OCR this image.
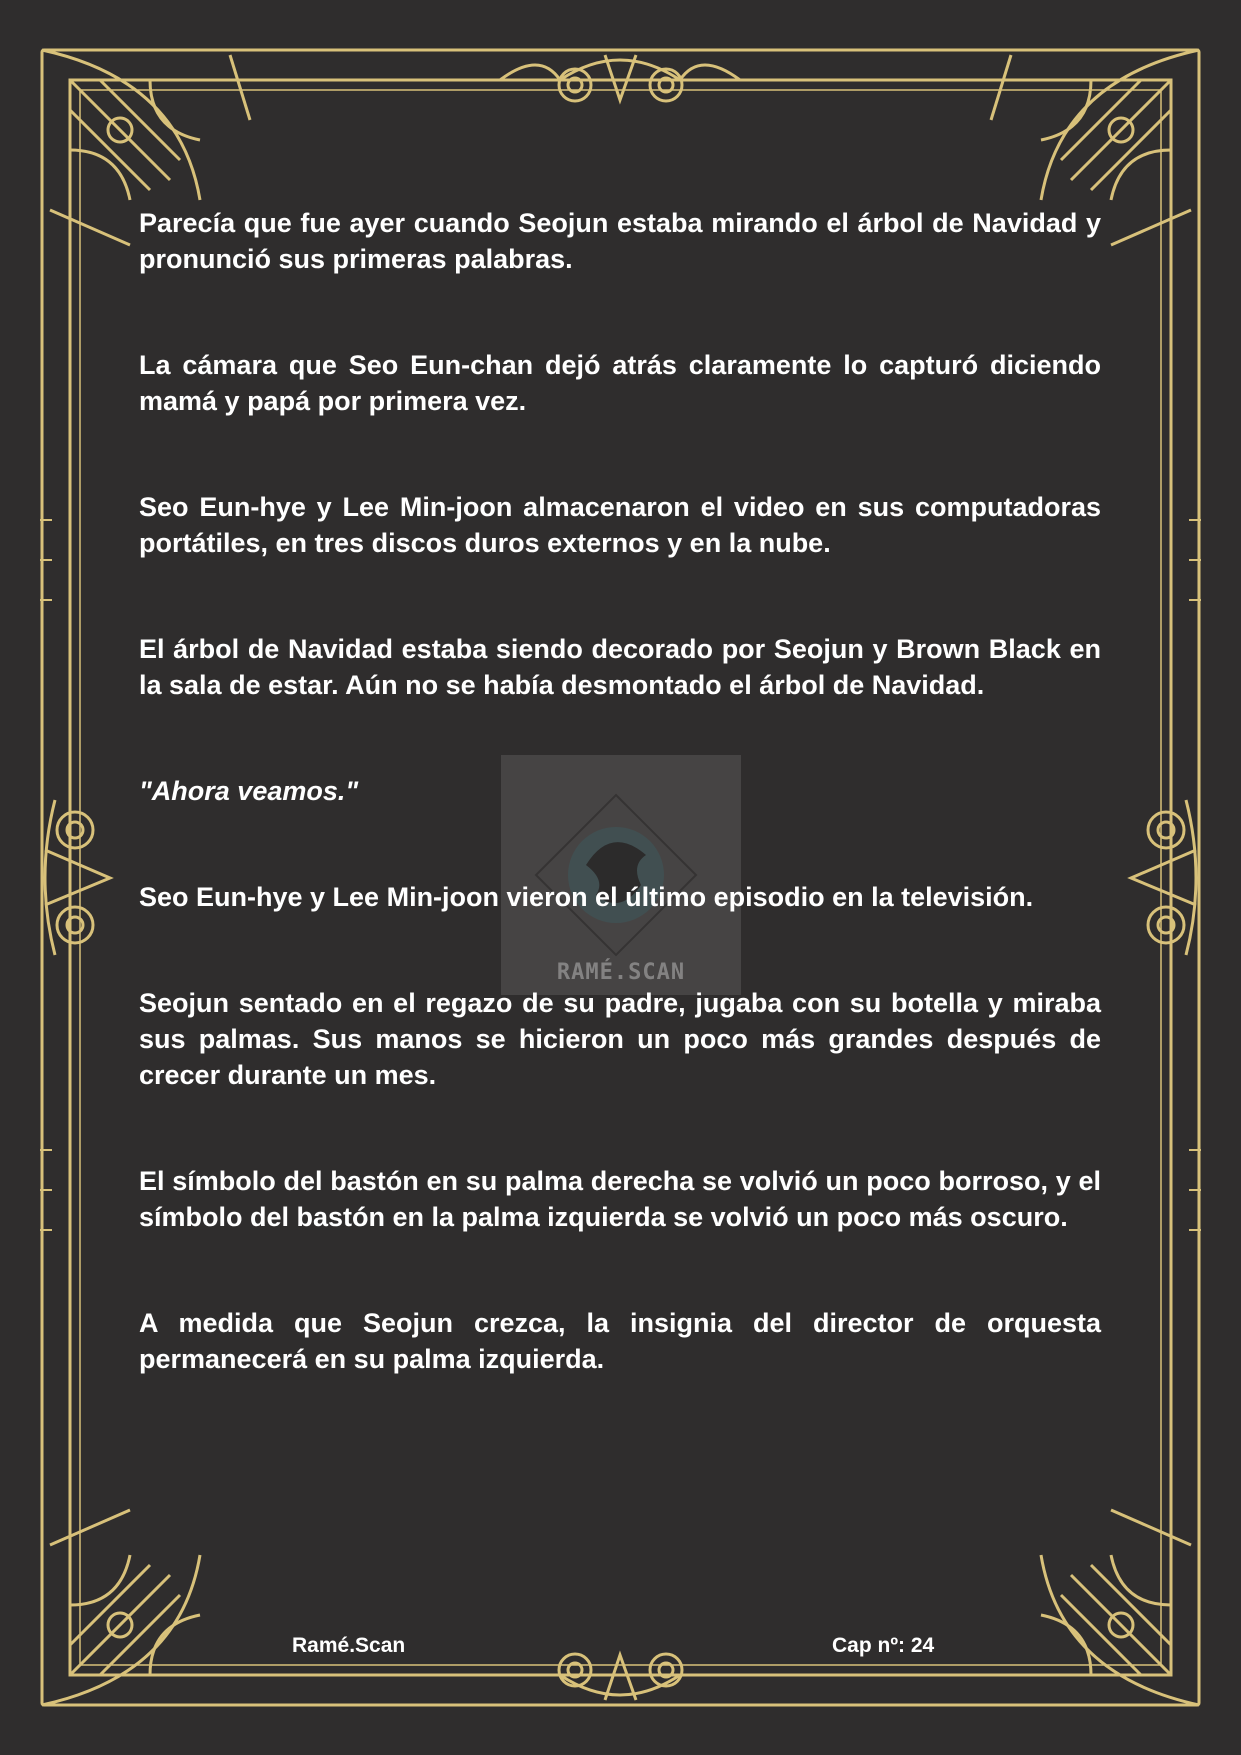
RAMÉ.SCAN

Parecía que fue ayer cuando Seojun estaba mirando el árbol de Navidad y pronunció sus primeras palabras.

La cámara que Seo Eun-chan dejó atrás claramente lo capturó diciendo mamá y papá por primera vez.

Seo Eun-hye y Lee Min-joon almacenaron el video en sus computadoras portátiles, en tres discos duros externos y en la nube.

El árbol de Navidad estaba siendo decorado por Seojun y Brown Black en la sala de estar. Aún no se había desmontado el árbol de Navidad.

"Ahora veamos."

Seo Eun-hye y Lee Min-joon vieron el último episodio en la televisión.

Seojun sentado en el regazo de su padre, jugaba con su botella y miraba sus palmas. Sus manos se hicieron un poco más grandes después de crecer durante un mes.

El símbolo del bastón en su palma derecha se volvió un poco borroso, y el símbolo del bastón en la palma izquierda se volvió un poco más oscuro.

A medida que Seojun crezca, la insignia del director de orquesta permanecerá en su palma izquierda.

Ramé.Scan	Cap nº: 24
